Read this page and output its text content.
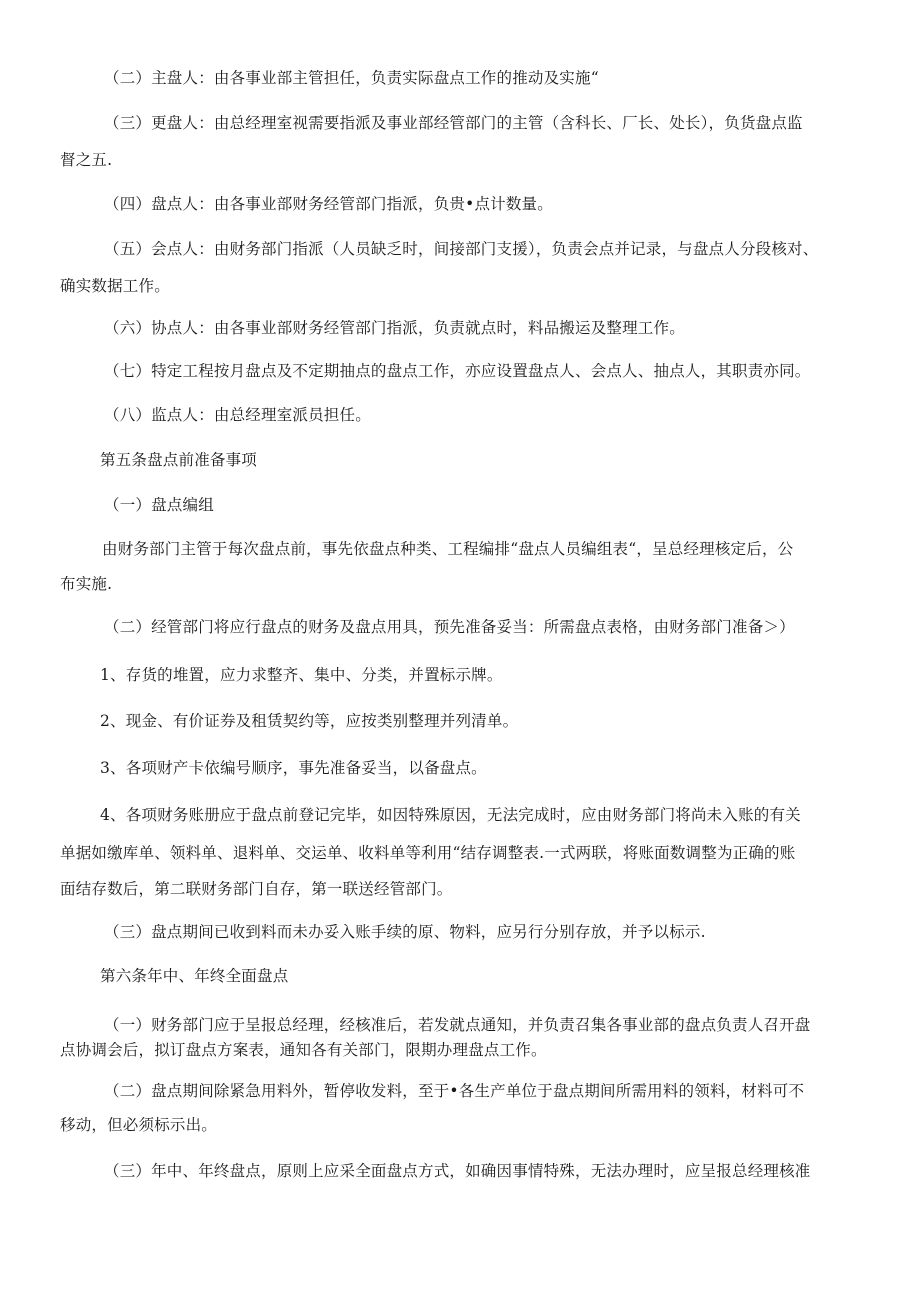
（二）主盘人：由各事业部主管担任，负责实际盘点工作的推动及实施“
（三）更盘人：由总经理室视需要指派及事业部经管部门的主管（含科长、厂长、处长），负货盘点监
督之五.
（四）盘点人：由各事业部财务经管部门指派，负贵•点计数量。
（五）会点人：由财务部门指派（人员缺乏时，间接部门支援），负责会点并记录，与盘点人分段核对、
确实数据工作。
（六）协点人：由各事业部财务经管部门指派，负责就点时，料品搬运及整理工作。
（七）特定工程按月盘点及不定期抽点的盘点工作，亦应设置盘点人、会点人、抽点人，其职责亦同。
（八）监点人：由总经理室派员担任。
第五条盘点前准备事项
（一）盘点编组
由财务部门主管于每次盘点前，事先依盘点种类、工程编排“盘点人员编组表“，呈总经理核定后，公
布实施.
（二）经管部门将应行盘点的财务及盘点用具，预先准备妥当：所需盘点表格，由财务部门准备＞）
1、存货的堆置，应力求整齐、集中、分类，并置标示牌。
2、现金、有价证券及租赁契约等，应按类别整理并列清单。
3、各项财产卡依编号顺序，事先准备妥当，以备盘点。
4、各项财务账册应于盘点前登记完毕，如因特殊原因，无法完成时，应由财务部门将尚未入账的有关
单据如缴库单、领料单、退料单、交运单、收料单等利用“结存调整表.一式两联，将账面数调整为正确的账
面结存数后，第二联财务部门自存，第一联送经管部门。
（三）盘点期间已收到料而未办妥入账手续的原、物料，应另行分别存放，并予以标示.
第六条年中、年终全面盘点
（一）财务部门应于呈报总经理，经核准后，若发就点通知，并负责召集各事业部的盘点负责人召开盘
点协调会后，拟订盘点方案表，通知各有关部门，限期办理盘点工作。
（二）盘点期间除紧急用料外，暂停收发料，至于•各生产单位于盘点期间所需用料的领料，材料可不
移动，但必须标示出。
（三）年中、年终盘点，原则上应采全面盘点方式，如确因事情特殊，无法办理时，应呈报总经理核准
